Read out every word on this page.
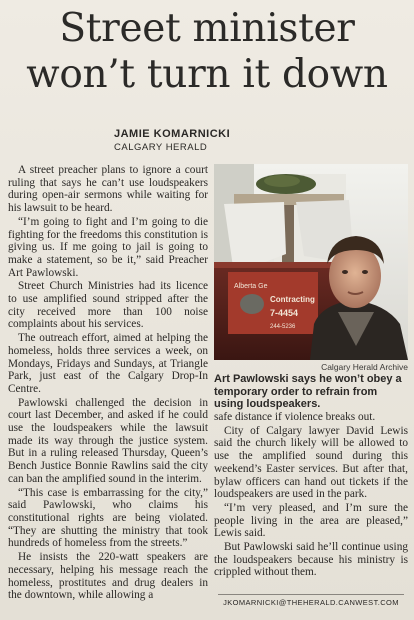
Street minister
won’t turn it down
JAMIE KOMARNICKI
CALGARY HERALD

A street preacher plans to ignore a court ruling that says he can’t use loudspeakers during open-air sermons while waiting for his lawsuit to be heard.

“I’m going to fight and I’m going to die fighting for the freedoms this constitution is giving us. If me going to jail is going to make a statement, so be it,” said Preacher Art Pawlowski.

Street Church Ministries had its licence to use amplified sound stripped after the city received more than 100 noise complaints about his services.

The outreach effort, aimed at helping the homeless, holds three services a week, on Mondays, Fridays and Sundays, at Triangle Park, just east of the Calgary Drop-In Centre.

Pawlowski challenged the decision in court last December, and asked if he could use the loudspeakers while the lawsuit made its way through the justice system. But in a ruling released Thursday, Queen’s Bench Justice Bonnie Rawlins said the city can ban the amplified sound in the interim.

“This case is embarrassing for the city,” said Pawlowski, who claims his constitutional rights are being violated. “They are shutting the ministry that took hundreds of homeless from the streets.”

He insists the 220-watt speakers are necessary, helping his message reach the homeless, prostitutes and drug dealers in the downtown, while allowing a

Alberta Ge
Contracting
7-4454
244-5236
Calgary Herald Archive
Art Pawlowski says he won’t obey a temporary order to refrain from using loudspeakers.

safe distance if violence breaks out.

City of Calgary lawyer David Lewis said the church likely will be allowed to use the amplified sound during this weekend’s Easter services. But after that, bylaw officers can hand out tickets if the loudspeakers are used in the park.

“I’m very pleased, and I’m sure the people living in the area are pleased,” Lewis said.

But Pawlowski said he’ll continue using the loudspeakers because his ministry is crippled without them.

JKOMARNICKI@THEHERALD.CANWEST.COM
